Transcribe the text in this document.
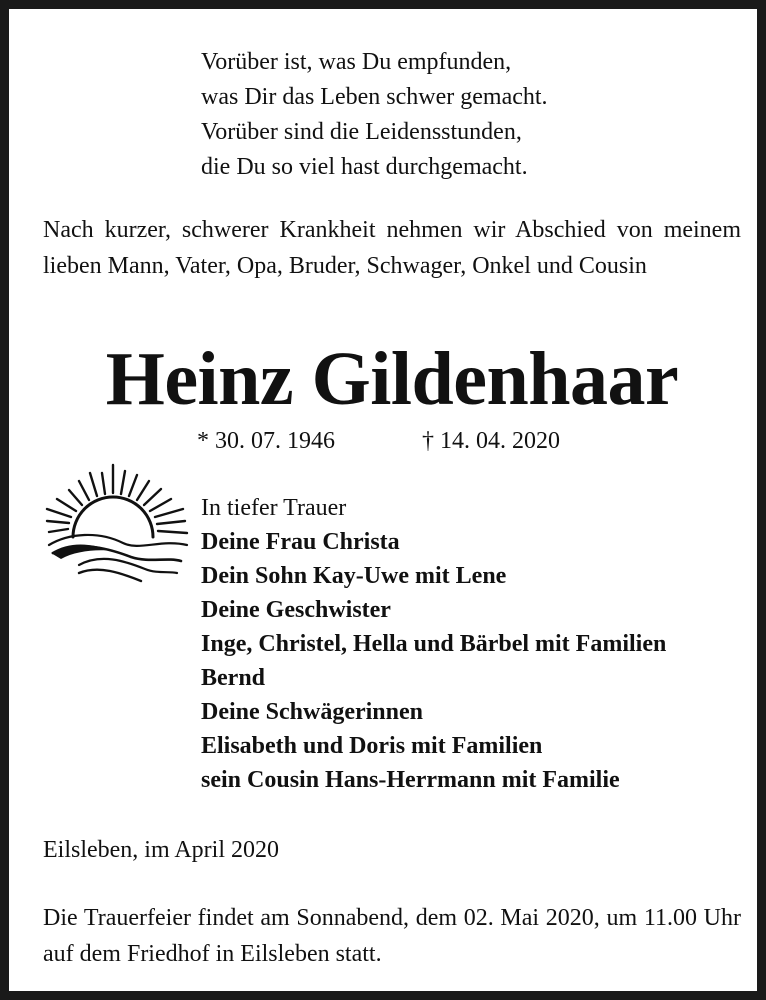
Vorüber ist, was Du empfunden,
was Dir das Leben schwer gemacht.
Vorüber sind die Leidensstunden,
die Du so viel hast durchgemacht.
Nach kurzer, schwerer Krankheit nehmen wir Abschied von meinem lieben Mann, Vater, Opa, Bruder, Schwager, Onkel und Cousin
Heinz Gildenhaar
* 30. 07. 1946	† 14. 04. 2020
In tiefer Trauer
Deine Frau Christa
Dein Sohn Kay-Uwe mit Lene
Deine Geschwister
Inge, Christel, Hella und Bärbel mit Familien
Bernd
Deine Schwägerinnen
Elisabeth und Doris mit Familien
sein Cousin Hans-Herrmann mit Familie
Eilsleben, im April 2020
Die Trauerfeier findet am Sonnabend, dem 02. Mai 2020, um 11.00 Uhr auf dem Friedhof in Eilsleben statt.
